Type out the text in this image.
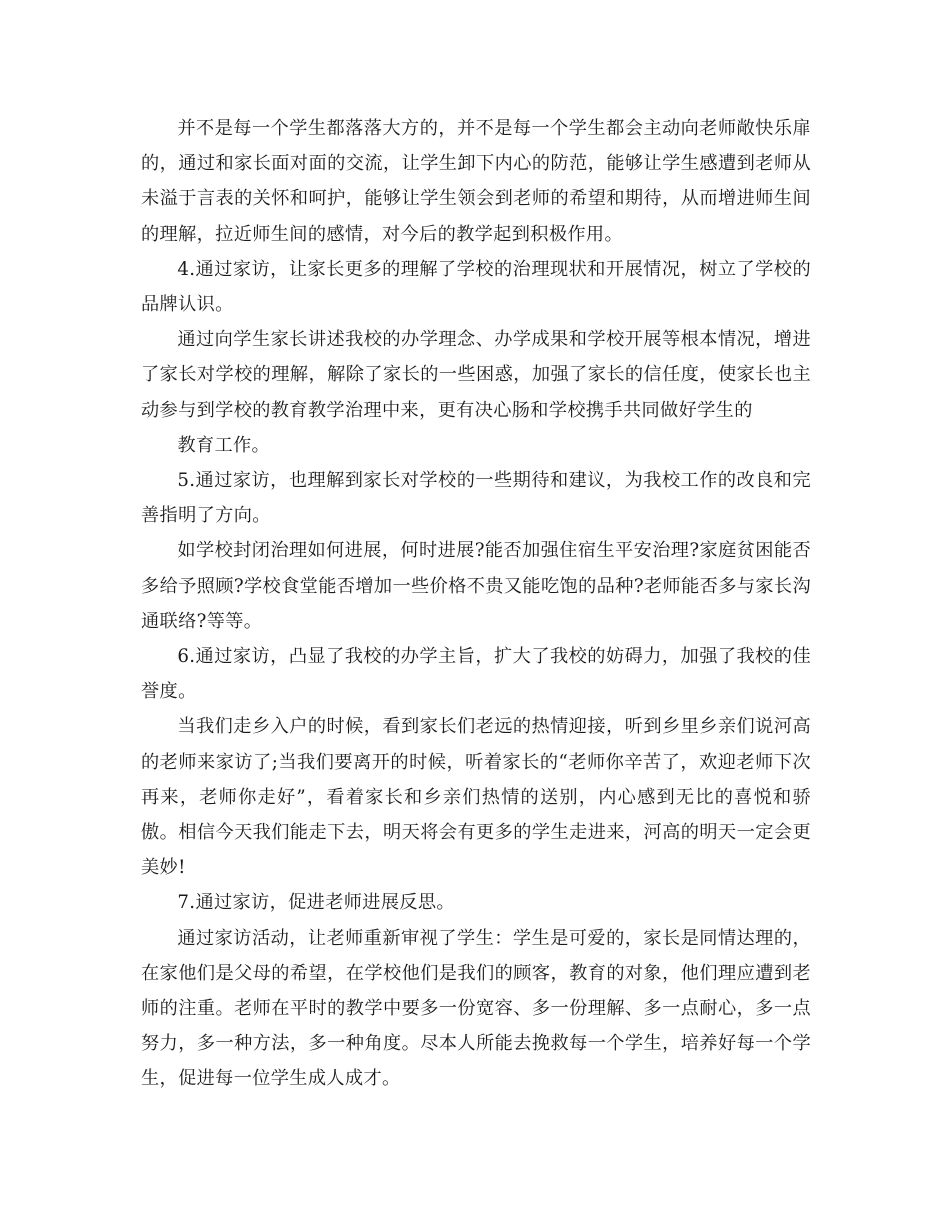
并不是每一个学生都落落大方的，并不是每一个学生都会主动向老师敞快乐扉的，通过和家长面对面的交流，让学生卸下内心的防范，能够让学生感遭到老师从未溢于言表的关怀和呵护，能够让学生领会到老师的希望和期待，从而增进师生间的理解，拉近师生间的感情，对今后的教学起到积极作用。

4.通过家访，让家长更多的理解了学校的治理现状和开展情况，树立了学校的品牌认识。

通过向学生家长讲述我校的办学理念、办学成果和学校开展等根本情况，增进了家长对学校的理解，解除了家长的一些困惑，加强了家长的信任度，使家长也主动参与到学校的教育教学治理中来，更有决心肠和学校携手共同做好学生的

教育工作。

5.通过家访，也理解到家长对学校的一些期待和建议，为我校工作的改良和完善指明了方向。

如学校封闭治理如何进展，何时进展?能否加强住宿生平安治理?家庭贫困能否多给予照顾?学校食堂能否增加一些价格不贵又能吃饱的品种?老师能否多与家长沟通联络?等等。

6.通过家访，凸显了我校的办学主旨，扩大了我校的妨碍力，加强了我校的佳誉度。

当我们走乡入户的时候，看到家长们老远的热情迎接，听到乡里乡亲们说河高的老师来家访了;当我们要离开的时候，听着家长的“老师你辛苦了，欢迎老师下次再来，老师你走好”，看着家长和乡亲们热情的送别，内心感到无比的喜悦和骄傲。相信今天我们能走下去，明天将会有更多的学生走进来，河高的明天一定会更美妙!

7.通过家访，促进老师进展反思。

通过家访活动，让老师重新审视了学生：学生是可爱的，家长是同情达理的，在家他们是父母的希望，在学校他们是我们的顾客，教育的对象，他们理应遭到老师的注重。老师在平时的教学中要多一份宽容、多一份理解、多一点耐心，多一点努力，多一种方法，多一种角度。尽本人所能去挽救每一个学生，培养好每一个学生，促进每一位学生成人成才。
